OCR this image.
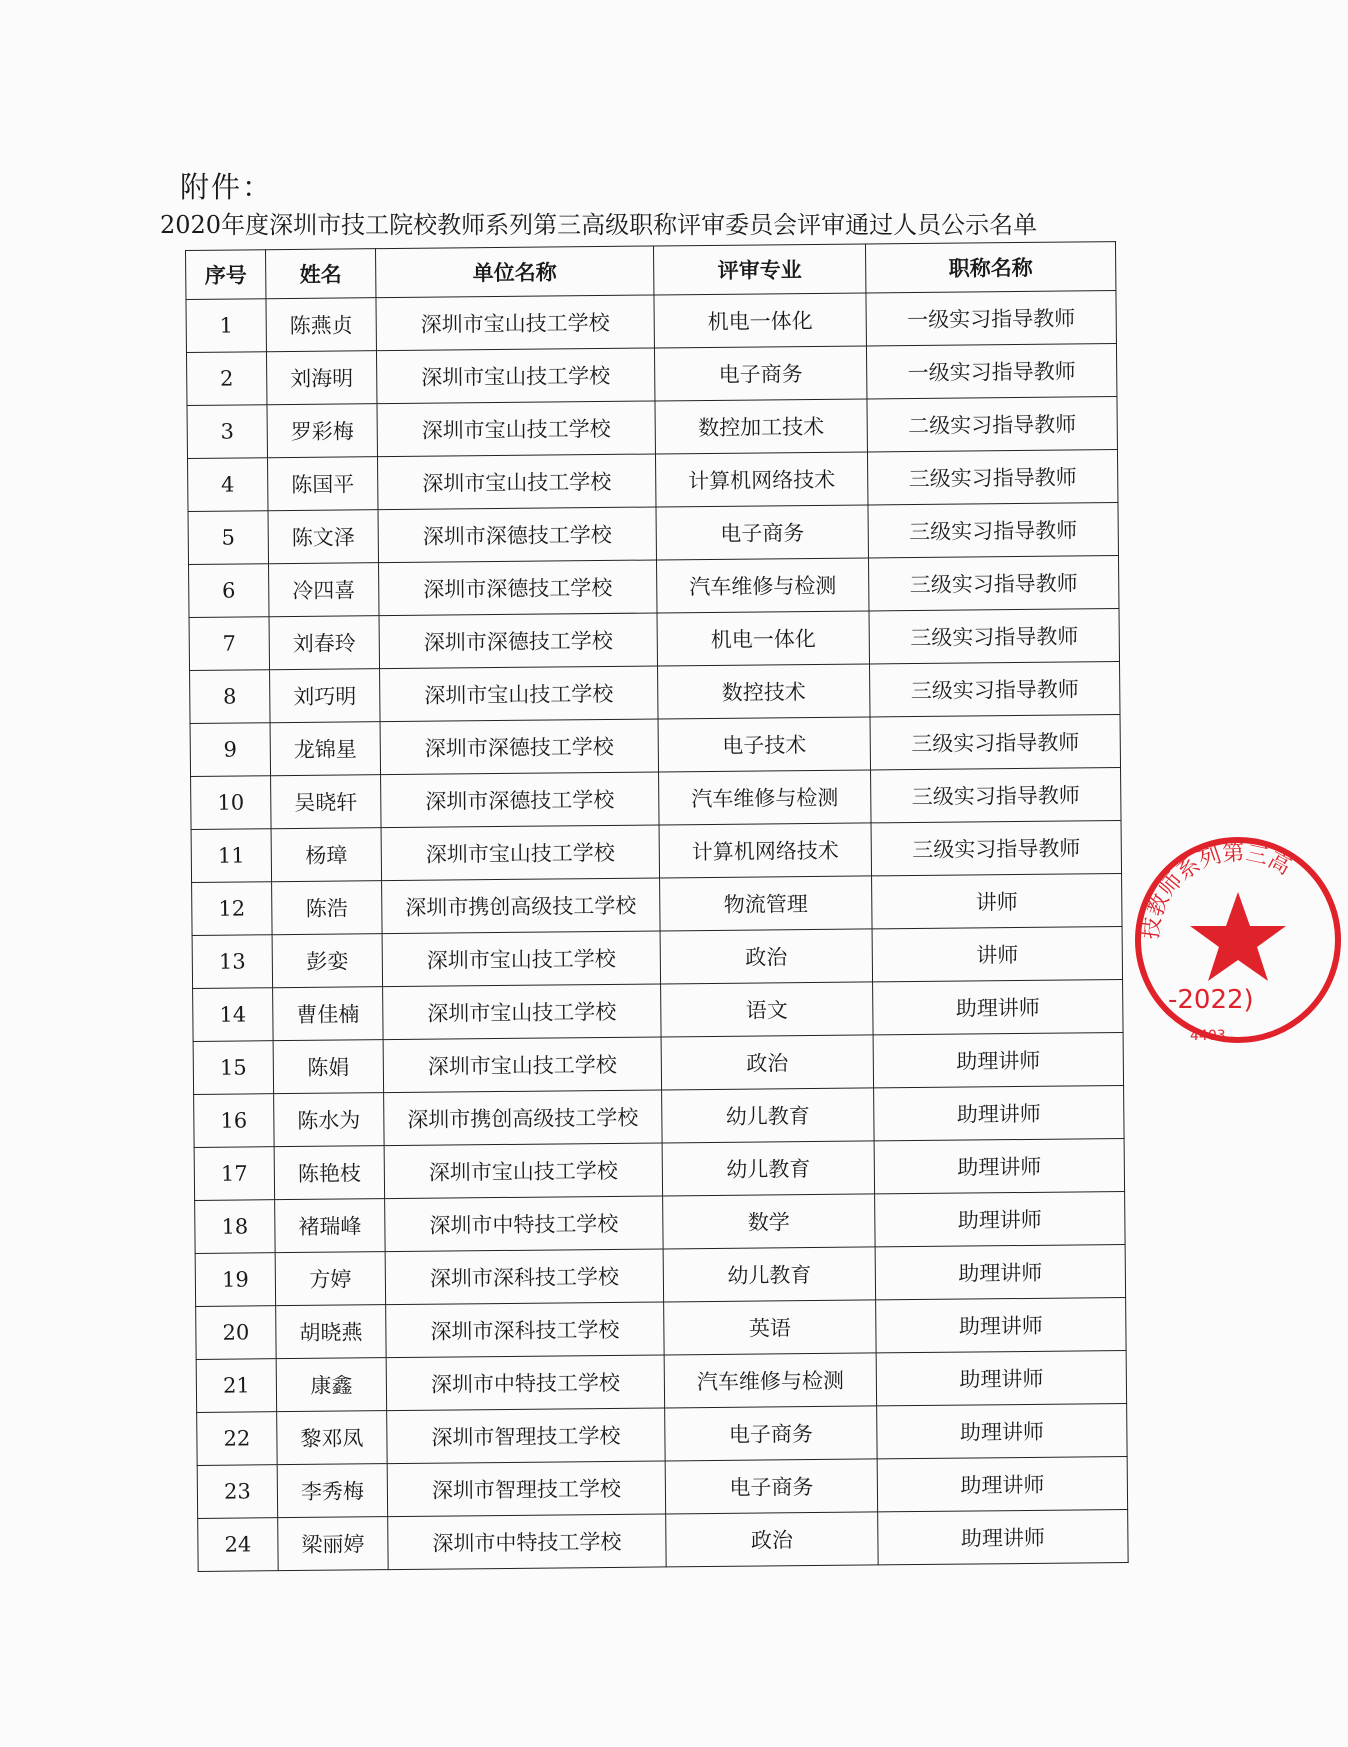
附件：
2020年度深圳市技工院校教师系列第三高级职称评审委员会评审通过人员公示名单
序号	姓名	单位名称	评审专业	职称名称
1	陈燕贞	深圳市宝山技工学校	机电一体化	一级实习指导教师
2	刘海明	深圳市宝山技工学校	电子商务	一级实习指导教师
3	罗彩梅	深圳市宝山技工学校	数控加工技术	二级实习指导教师
4	陈国平	深圳市宝山技工学校	计算机网络技术	三级实习指导教师
5	陈文泽	深圳市深德技工学校	电子商务	三级实习指导教师
6	冷四喜	深圳市深德技工学校	汽车维修与检测	三级实习指导教师
7	刘春玲	深圳市深德技工学校	机电一体化	三级实习指导教师
8	刘巧明	深圳市宝山技工学校	数控技术	三级实习指导教师
9	龙锦星	深圳市深德技工学校	电子技术	三级实习指导教师
10	吴晓轩	深圳市深德技工学校	汽车维修与检测	三级实习指导教师
11	杨璋	深圳市宝山技工学校	计算机网络技术	三级实习指导教师
12	陈浩	深圳市携创高级技工学校	物流管理	讲师
13	彭娈	深圳市宝山技工学校	政治	讲师
14	曹佳楠	深圳市宝山技工学校	语文	助理讲师
15	陈娟	深圳市宝山技工学校	政治	助理讲师
16	陈水为	深圳市携创高级技工学校	幼儿教育	助理讲师
17	陈艳枝	深圳市宝山技工学校	幼儿教育	助理讲师
18	褚瑞峰	深圳市中特技工学校	数学	助理讲师
19	方婷	深圳市深科技工学校	幼儿教育	助理讲师
20	胡晓燕	深圳市深科技工学校	英语	助理讲师
21	康鑫	深圳市中特技工学校	汽车维修与检测	助理讲师
22	黎邓凤	深圳市智理技工学校	电子商务	助理讲师
23	李秀梅	深圳市智理技工学校	电子商务	助理讲师
24	梁丽婷	深圳市中特技工学校	政治	助理讲师
技教师系列第三高
-2022)
4403
